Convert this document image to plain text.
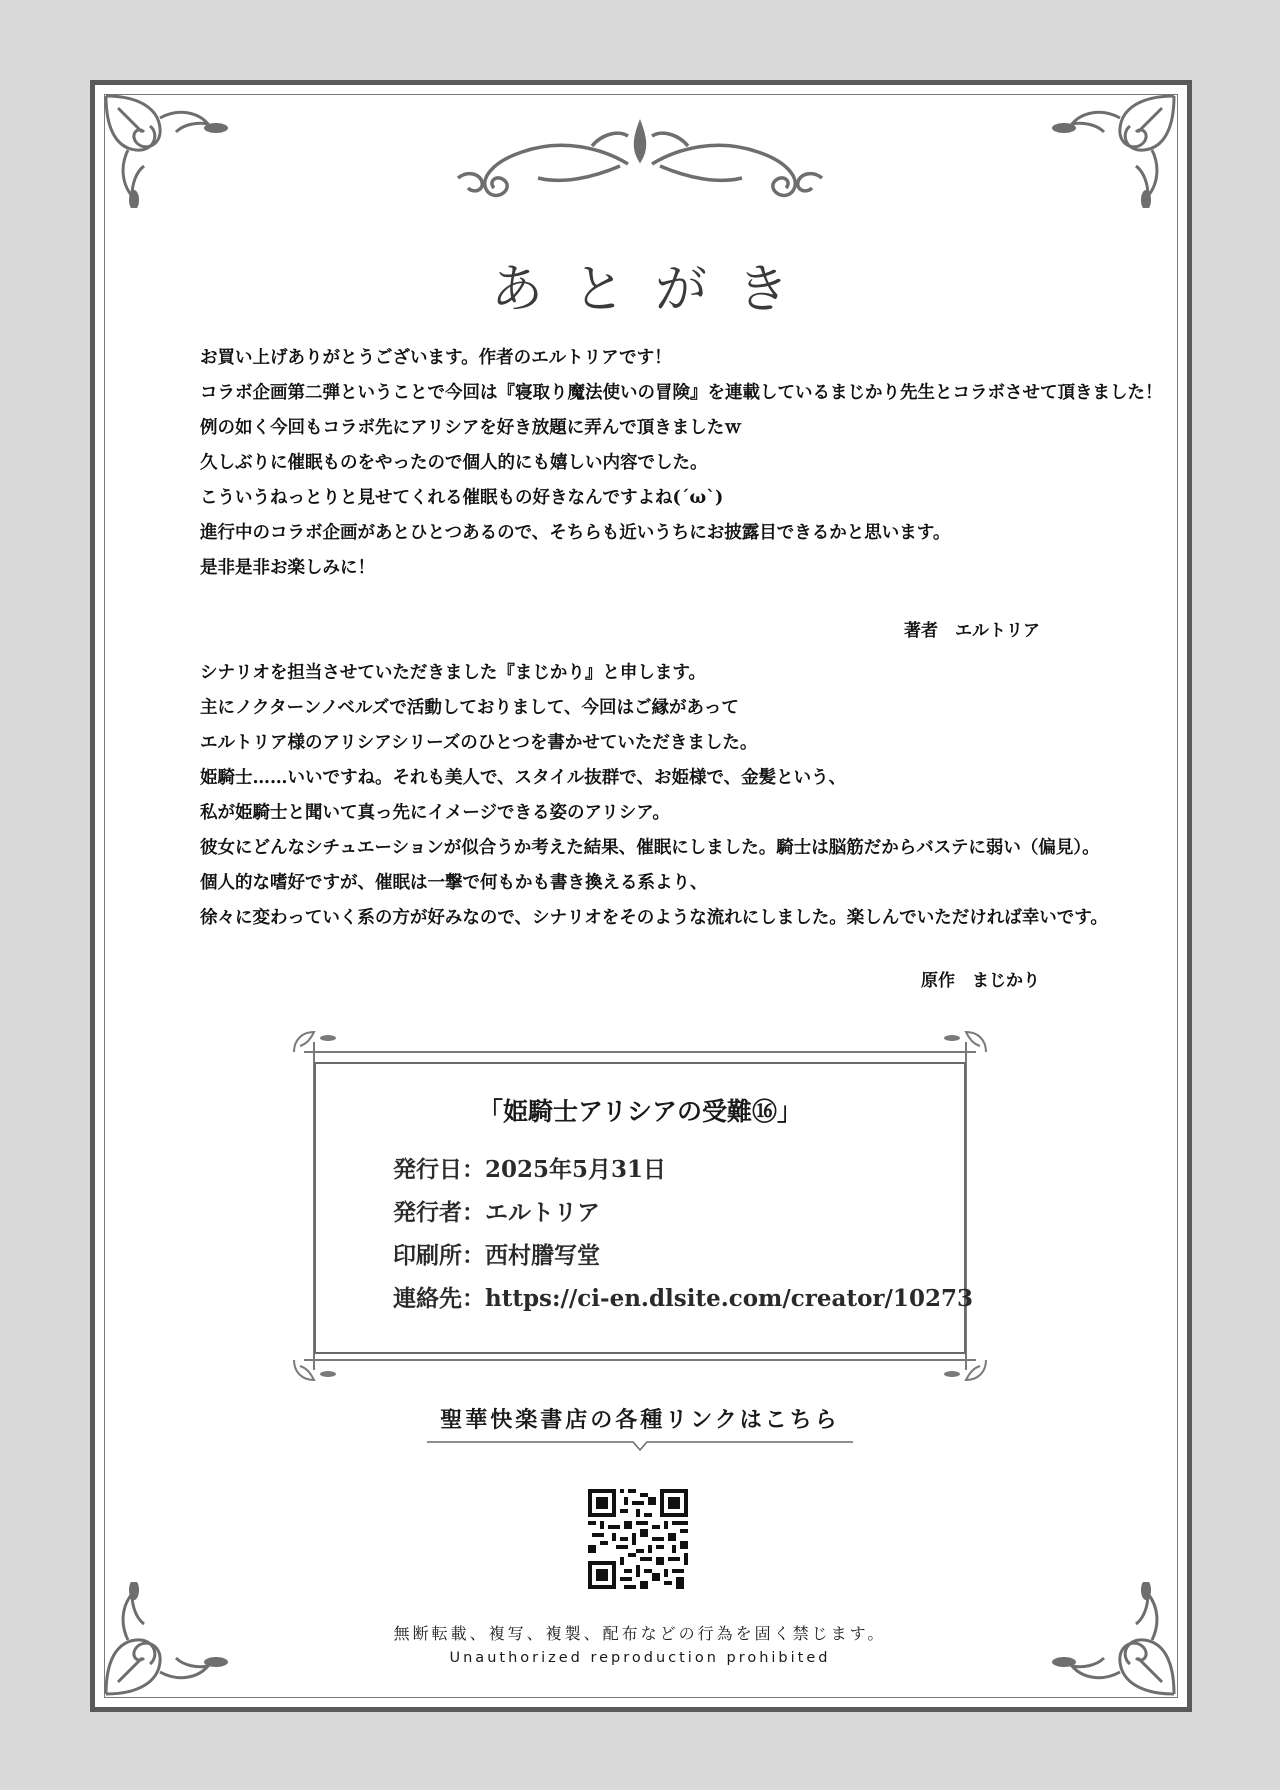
あとがき
お買い上げありがとうございます。作者のエルトリアです！
コラボ企画第二弾ということで今回は『寝取り魔法使いの冒険』を連載しているまじかり先生とコラボさせて頂きました！
例の如く今回もコラボ先にアリシアを好き放題に弄んで頂きましたｗ
久しぶりに催眠ものをやったので個人的にも嬉しい内容でした。
こういうねっとりと見せてくれる催眠もの好きなんですよね(´ω`)
進行中のコラボ企画があとひとつあるので、そちらも近いうちにお披露目できるかと思います。
是非是非お楽しみに！
著者　エルトリア
シナリオを担当させていただきました『まじかり』と申します。
主にノクターンノベルズで活動しておりまして、今回はご縁があって
エルトリア様のアリシアシリーズのひとつを書かせていただきました。
姫騎士……いいですね。それも美人で、スタイル抜群で、お姫様で、金髪という、
私が姫騎士と聞いて真っ先にイメージできる姿のアリシア。
彼女にどんなシチュエーションが似合うか考えた結果、催眠にしました。騎士は脳筋だからバステに弱い（偏見）。
個人的な嗜好ですが、催眠は一撃で何もかも書き換える系より、
徐々に変わっていく系の方が好みなので、シナリオをそのような流れにしました。楽しんでいただければ幸いです。
原作　まじかり
「姫騎士アリシアの受難⑯」
発行日：2025年5月31日
発行者：エルトリア
印刷所：西村謄写堂
連絡先：https://ci-en.dlsite.com/creator/10273
聖華快楽書店の各種リンクはこちら
無断転載、複写、複製、配布などの行為を固く禁じます。
Unauthorized reproduction prohibited
